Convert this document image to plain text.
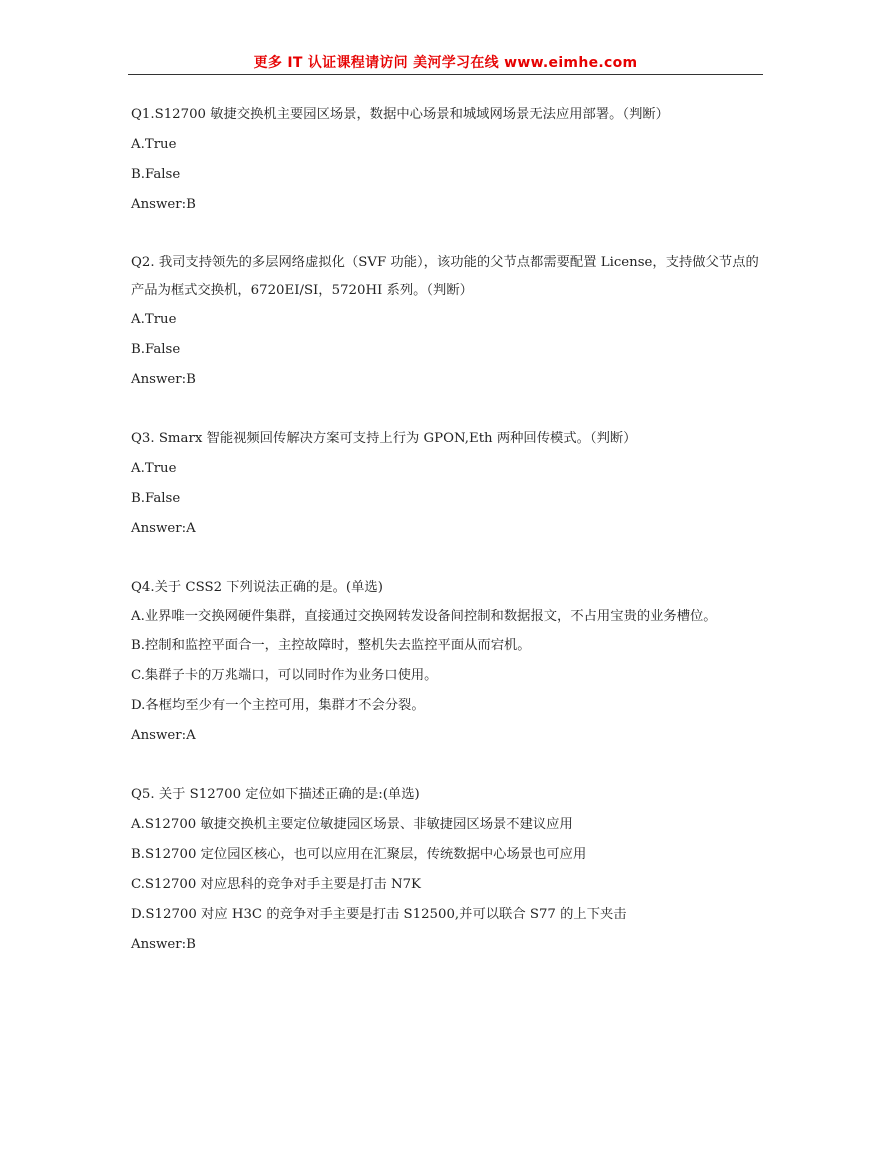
更多 IT 认证课程请访问 美河学习在线 www.eimhe.com
Q1.S12700 敏捷交换机主要园区场景，数据中心场景和城域网场景无法应用部署。（判断）
A.True
B.False
Answer:B
Q2. 我司支持领先的多层网络虚拟化（SVF 功能），该功能的父节点都需要配置 License，支持做父节点的产品为框式交换机，6720EI/SI，5720HI 系列。（判断）
A.True
B.False
Answer:B
Q3. Smarx 智能视频回传解决方案可支持上行为 GPON,Eth 两种回传模式。（判断）
A.True
B.False
Answer:A
Q4.关于 CSS2 下列说法正确的是。(单选)
A.业界唯一交换网硬件集群，直接通过交换网转发设备间控制和数据报文，不占用宝贵的业务槽位。
B.控制和监控平面合一，主控故障时，整机失去监控平面从而宕机。
C.集群子卡的万兆端口，可以同时作为业务口使用。
D.各框均至少有一个主控可用，集群才不会分裂。
Answer:A
Q5. 关于 S12700 定位如下描述正确的是:(单选)
A.S12700 敏捷交换机主要定位敏捷园区场景、非敏捷园区场景不建议应用
B.S12700 定位园区核心，也可以应用在汇聚层，传统数据中心场景也可应用
C.S12700 对应思科的竞争对手主要是打击 N7K
D.S12700 对应 H3C 的竞争对手主要是打击 S12500,并可以联合 S77 的上下夹击
Answer:B
